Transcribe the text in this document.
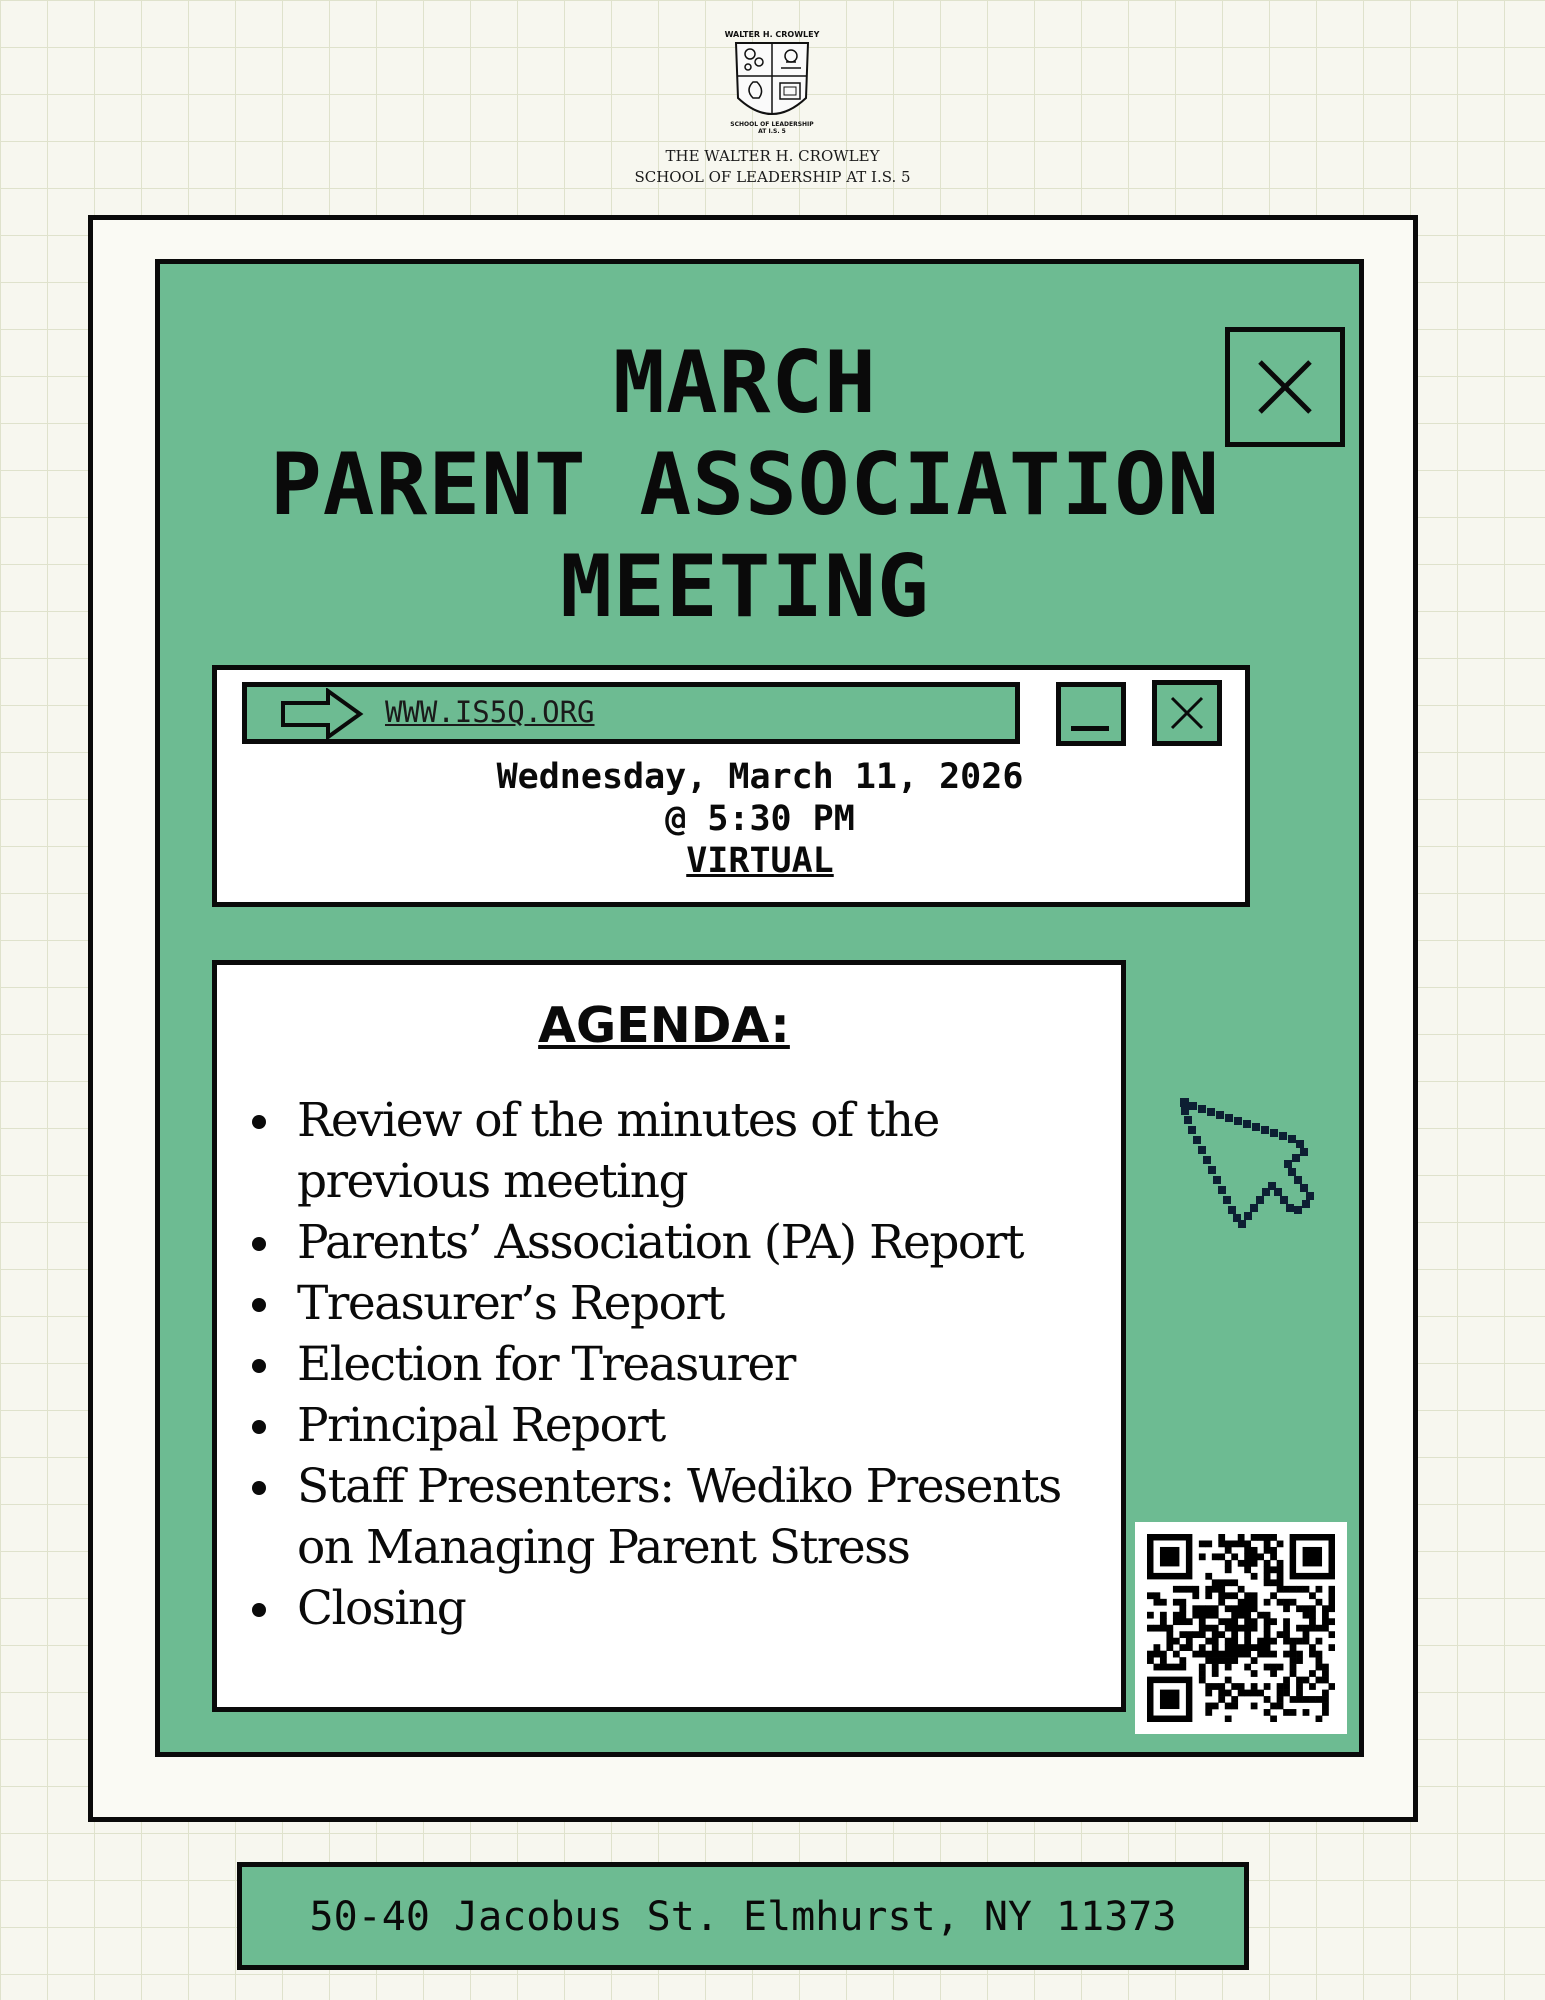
WALTER H. CROWLEY
SCHOOL OF LEADERSHIP
AT I.S. 5
THE WALTER H. CROWLEY
SCHOOL OF LEADERSHIP AT I.S. 5
MARCH
PARENT ASSOCIATION
MEETING
WWW.IS5Q.ORG
Wednesday, March 11, 2026
@ 5:30 PM
VIRTUAL
AGENDA:
Review of the minutes of the
previous meeting
Parents’ Association (PA) Report
Treasurer’s Report
Election for Treasurer
Principal Report
Staff Presenters: Wediko Presents
on Managing Parent Stress
Closing
50-40 Jacobus St. Elmhurst, NY 11373
